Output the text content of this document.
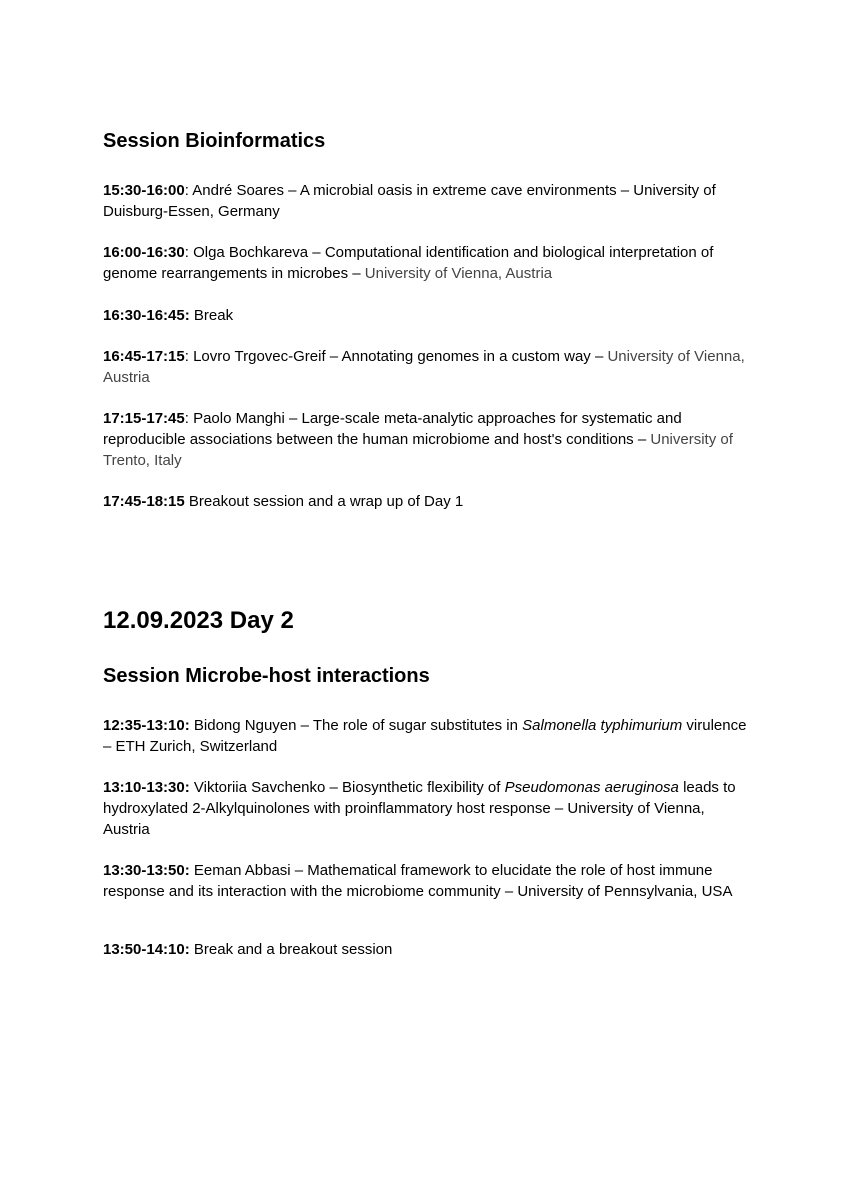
Session Bioinformatics

15:30-16:00: André Soares – A microbial oasis in extreme cave environments – University of Duisburg-Essen, Germany

16:00-16:30: Olga Bochkareva – Computational identification and biological interpretation of genome rearrangements in microbes – University of Vienna, Austria

16:30-16:45: Break

16:45-17:15: Lovro Trgovec-Greif – Annotating genomes in a custom way – University of Vienna, Austria

17:15-17:45: Paolo Manghi – Large-scale meta-analytic approaches for systematic and reproducible associations between the human microbiome and host's conditions – University of Trento, Italy

17:45-18:15 Breakout session and a wrap up of Day 1

12.09.2023 Day 2
Session Microbe-host interactions

12:35-13:10: Bidong Nguyen – The role of sugar substitutes in Salmonella typhimurium virulence – ETH Zurich, Switzerland

13:10-13:30: Viktoriia Savchenko – Biosynthetic flexibility of Pseudomonas aeruginosa leads to hydroxylated 2-Alkylquinolones with proinflammatory host response – University of Vienna, Austria

13:30-13:50: Eeman Abbasi – Mathematical framework to elucidate the role of host immune response and its interaction with the microbiome community – University of Pennsylvania, USA

13:50-14:10: Break and a breakout session
